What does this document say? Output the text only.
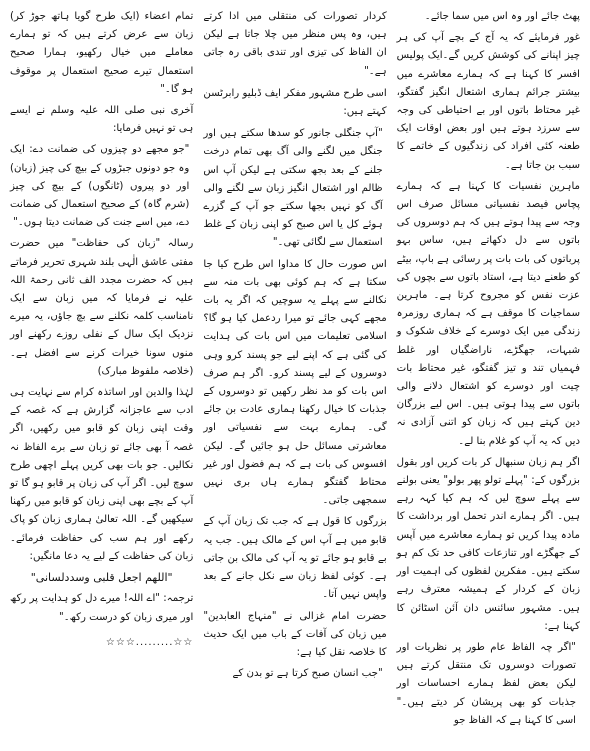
پھٹ جائے اور وہ اس میں سما جائے۔

غور فرمایئے کہ یہ آج کے بچے آپ کی ہر چیز اپنانے کی کوشش کریں گے۔ایک پولیس افسر کا کہنا ہے کہ ہمارے معاشرے میں بیشتر جرائم ہماری اشتعال انگیز گفتگو، غیر محتاط باتوں اور بے احتیاطی کی وجہ سے سرزد ہوتے ہیں اور بعض اوقات ایک طعنہ کئی افراد کی زندگیوں کے خاتمے کا سبب بن جاتا ہے۔

ماہرین نفسیات کا کہنا ہے کہ ہمارے پچاس فیصد نفسیاتی مسائل صرف اس وجہ سے پیدا ہوتے ہیں کہ ہم دوسروں کی باتوں سے دل دکھاتے ہیں، ساس بہو پرباتوں کی بات بات پر رسائی ہے باپ، بیٹے کو طعنے دیتا ہے، استاد باتوں سے بچوں کی عزت نفس کو مجروح کرتا ہے۔ ماہرین سماجیات کا موقف ہے کہ ہماری روزمرہ زندگی میں ایک دوسرے کے خلاف شکوک و شبہات، جھگڑے، ناراضگیاں اور غلط فہمیاں تند و تیز گفتگو، غیر محتاط بات چیت اور دوسرے کو اشتعال دلانے والی باتوں سے پیدا ہوتی ہیں۔ اس لیے بزرگان دین کہتے ہیں کہ زبان کو اتنی آزادی نہ دیں کہ یہ آپ کو غلام بنا لے۔

اگر ہم زبان سنبھال کر بات کریں اور بقول بزرگوں کے: "پہلے تولو پھر بولو" یعنی بولنے سے پہلے سوچ لیں کہ ہم کیا کہہ رہے ہیں۔ اگر ہمارے اندر تحمل اور برداشت کا مادہ پیدا کریں تو ہمارے معاشرے میں آپس کے جھگڑے اور تنازعات کافی حد تک کم ہو سکتے ہیں۔ مفکرین لفظوں کی اہمیت اور زبان کے کردار کے ہمیشہ معترف رہے ہیں۔ مشہور سائنس دان آئن اسٹائن کا کہنا ہے:

"اگر چہ الفاظ عام طور پر نظریات اور تصورات دوسروں تک منتقل کرتے ہیں لیکن بعض لفظ ہمارے احساسات اور جذبات کو بھی پریشان کر دیتے ہیں۔" اسی کا کہنا ہے کہ الفاظ جو

کردار تصورات کی منتقلی میں ادا کرتے ہیں، وہ پس منظر میں چلا جاتا ہے لیکن ان الفاظ کی تیزی اور تندی باقی رہ جاتی ہے۔"

اسی طرح مشہور مفکر ایف ڈبلیو رابرٹسن کہتے ہیں:

"آپ جنگلی جانور کو سدھا سکتے ہیں اور جنگل میں لگنے والی آگ بھی تمام درخت جلنے کے بعد بجھ سکتی ہے لیکن آپ اس ظالم اور اشتعال انگیز زبان سے لگنے والی آگ کو نہیں بجھا سکتے جو آپ کے گزرے ہوئے کل یا اس صبح کو اپنی زبان کے غلط استعمال سے لگائی تھی۔"

اس صورت حال کا مداوا اس طرح کیا جا سکتا ہے کہ ہم کوئی بھی بات منہ سے نکالنے سے پہلے یہ سوچیں کہ اگر یہ بات مجھے کہی جائے تو میرا ردعمل کیا ہو گا؟ اسلامی تعلیمات میں اس بات کی ہدایت کی گئی ہے کہ اپنے لیے جو پسند کرو وہی دوسروں کے لیے پسند کرو۔ اگر ہم صرف اس بات کو مد نظر رکھیں تو دوسروں کے جذبات کا خیال رکھنا ہماری عادت بن جائے گی۔ ہمارے بہت سے نفسیاتی اور معاشرتی مسائل حل ہو جائیں گے۔ لیکن افسوس کی بات ہے کہ ہم فضول اور غیر محتاط گفتگو ہمارے ہاں بری نہیں سمجھی جاتی۔

بزرگوں کا قول ہے کہ جب تک زبان آپ کے قابو میں ہے آپ اس کے مالک ہیں۔ جب یہ بے قابو ہو جائے تو یہ آپ کی مالک بن جاتی ہے۔ کوئی لفظ زبان سے نکل جانے کے بعد واپس نہیں آتا۔

حضرت امام غزالی نے "منہاج العابدین" میں زبان کی آفات کے باب میں ایک حدیث کا خلاصہ نقل کیا ہے:

"جب انسان صبح کرتا ہے تو بدن کے

تمام اعضاء (ایک طرح گویا ہاتھ جوڑ کر) زبان سے عرض کرتے ہیں کہ تو ہمارے معاملے میں خیال رکھیو، ہمارا صحیح استعمال تیرے صحیح استعمال پر موقوف ہو گا۔"

آخری نبی صلی اللہ علیہ وسلم نے ایسے ہی تو نہیں فرمایا:

"جو مجھے دو چیزوں کی ضمانت دے: ایک وہ جو دونوں جبڑوں کے بیچ کی چیز (زبان) اور دو پیروں (ٹانگوں) کے بیچ کی چیز (شرم گاہ) کے صحیح استعمال کی ضمانت دے، میں اسے جنت کی ضمانت دیتا ہوں۔"

رسالہ "زبان کی حفاظت" میں حضرت مفتی عاشق الٰہی بلند شہری تحریر فرماتے ہیں کہ حضرت مجدد الف ثانی رحمۃ اللہ علیہ نے فرمایا کہ میں زبان سے ایک نامناسب کلمہ نکلنے سے بچ جاؤں، یہ میرے نزدیک ایک سال کے نفلی روزے رکھنے اور منوں سونا خیرات کرنے سے افضل ہے۔ (خلاصہ ملفوظ مبارک)

لہٰذا والدین اور اساتذہ کرام سے نہایت ہی ادب سے عاجزانہ گزارش ہے کہ غصہ کے وقت اپنی زبان کو قابو میں رکھیں، اگر غصہ آ بھی جائے تو زبان سے برے الفاظ نہ نکالیں۔ جو بات بھی کریں پہلے اچھی طرح سوچ لیں۔ اگر آپ کی زبان پر قابو ہو گا تو آپ کے بچے بھی اپنی زبان کو قابو میں رکھنا سیکھیں گے۔ اللہ تعالیٰ ہماری زبان کو پاک رکھے اور ہم سب کی حفاظت فرمائے۔ زبان کی حفاظت کے لیے یہ دعا مانگیں:

"اللھم اجعل قلبی وسددلسانی"

ترجمہ: "اے اللہ! میرے دل کو ہدایت پر رکھ اور میری زبان کو درست رکھ۔"

☆☆☆.........☆☆
